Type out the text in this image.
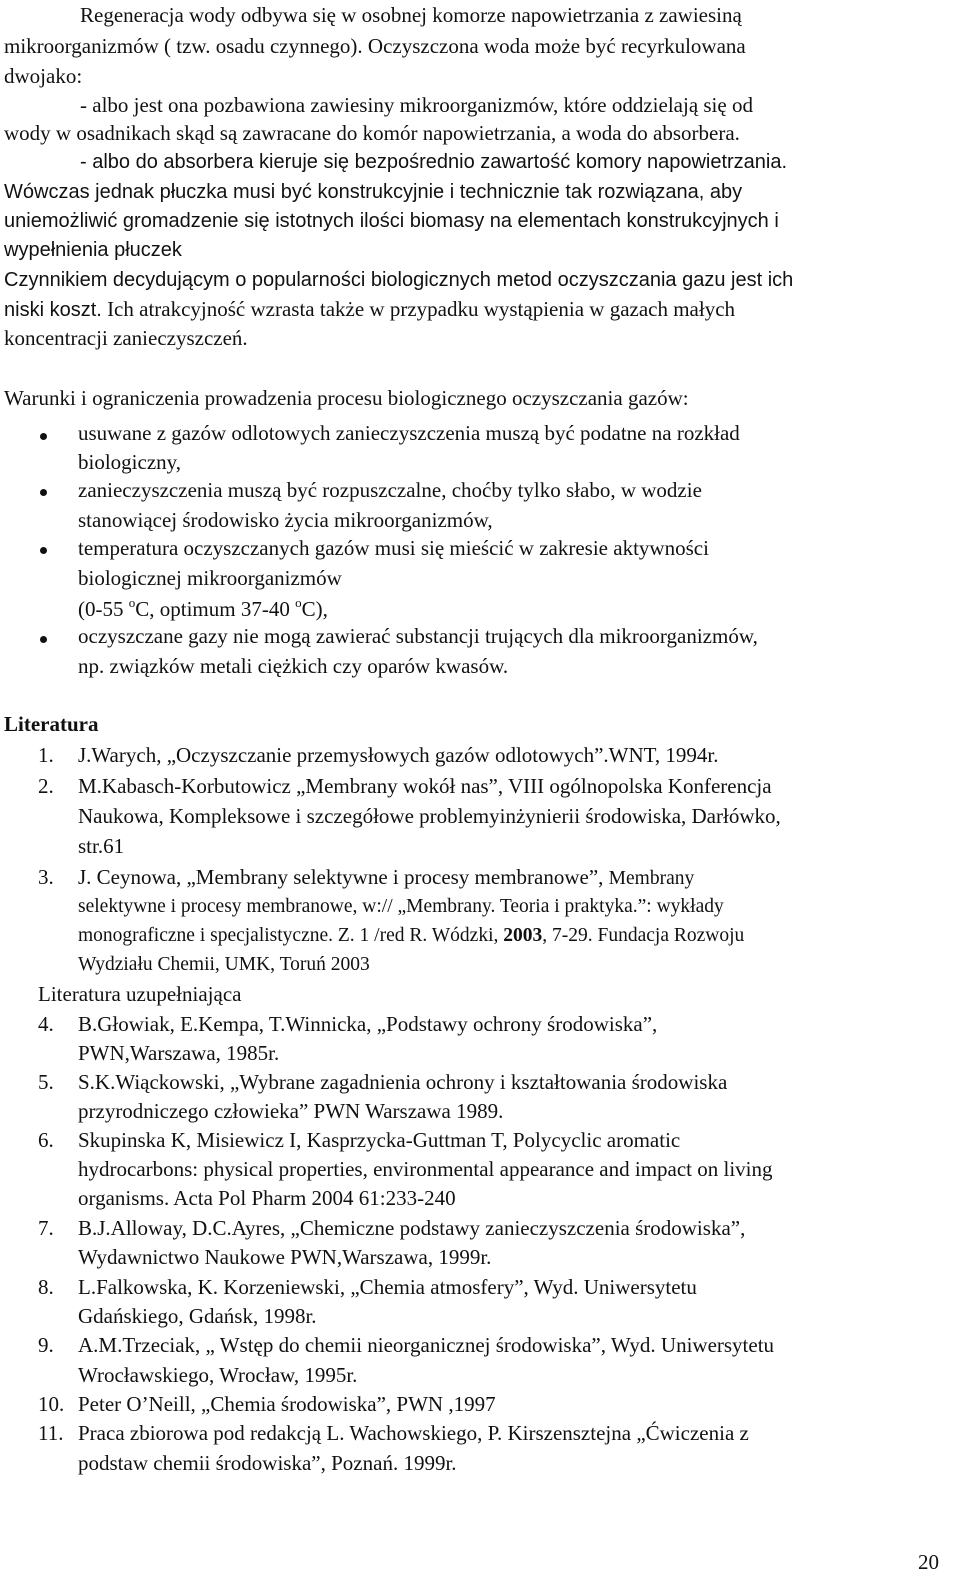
Regeneracja wody odbywa się w osobnej komorze napowietrzania z zawiesiną
mikroorganizmów ( tzw. osadu czynnego). Oczyszczona woda może być recyrkulowana
dwojako:
- albo jest ona pozbawiona zawiesiny mikroorganizmów, które oddzielają się od
wody w osadnikach skąd są zawracane do komór napowietrzania, a woda do absorbera.
- albo do absorbera kieruje się bezpośrednio zawartość komory napowietrzania.
Wówczas jednak płuczka musi być konstrukcyjnie i technicznie tak rozwiązana, aby
uniemożliwić gromadzenie się istotnych ilości biomasy na elementach konstrukcyjnych i
wypełnienia płuczek
Czynnikiem decydującym o popularności biologicznych metod oczyszczania gazu jest ich
niski koszt. Ich atrakcyjność wzrasta także w przypadku wystąpienia w gazach małych
koncentracji zanieczyszczeń.
Warunki i ograniczenia prowadzenia procesu biologicznego oczyszczania gazów:
usuwane z gazów odlotowych zanieczyszczenia muszą być podatne na rozkład
biologiczny,
zanieczyszczenia muszą być rozpuszczalne, choćby tylko słabo, w wodzie
stanowiącej środowisko życia mikroorganizmów,
temperatura oczyszczanych gazów musi się mieścić w zakresie aktywności
biologicznej mikroorganizmów
(0-55 $^o$C, optimum 37-40 $^o$C),
oczyszczane gazy nie mogą zawierać substancji trujących dla mikroorganizmów,
np. związków metali ciężkich czy oparów kwasów.
Literatura
1. J.Warych, „Oczyszczanie przemysłowych gazów odlotowych”.WNT, 1994r.
2. M.Kabasch-Korbutowicz „Membrany wokół nas”, VIII ogólnopolska Konferencja
Naukowa, Kompleksowe i szczegółowe problemyinżynierii środowiska, Darłówko,
str.61
3. J. Ceynowa, „Membrany selektywne i procesy membranowe”, Membrany
selektywne i procesy membranowe, w:// „Membrany. Teoria i praktyka.”: wykłady
monograficzne i specjalistyczne. Z. 1 /red R. Wódzki, 2003, 7-29. Fundacja Rozwoju
Wydziału Chemii, UMK, Toruń 2003
Literatura uzupełniająca
4. B.Głowiak, E.Kempa, T.Winnicka, „Podstawy ochrony środowiska”,
PWN,Warszawa, 1985r.
5. S.K.Wiąckowski, „Wybrane zagadnienia ochrony i kształtowania środowiska
przyrodniczego człowieka” PWN Warszawa 1989.
6. Skupinska K, Misiewicz I, Kasprzycka-Guttman T, Polycyclic aromatic
hydrocarbons: physical properties, environmental appearance and impact on living
organisms. Acta Pol Pharm 2004 61:233-240
7. B.J.Alloway, D.C.Ayres, „Chemiczne podstawy zanieczyszczenia środowiska”,
Wydawnictwo Naukowe PWN,Warszawa, 1999r.
8. L.Falkowska, K. Korzeniewski, „Chemia atmosfery”, Wyd. Uniwersytetu
Gdańskiego, Gdańsk, 1998r.
9. A.M.Trzeciak, „ Wstęp do chemii nieorganicznej środowiska”, Wyd. Uniwersytetu
Wrocławskiego, Wrocław, 1995r.
10. Peter O’Neill, „Chemia środowiska”, PWN ,1997
11. Praca zbiorowa pod redakcją L. Wachowskiego, P. Kirszensztejna „Ćwiczenia z
podstaw chemii środowiska”, Poznań. 1999r.
20
